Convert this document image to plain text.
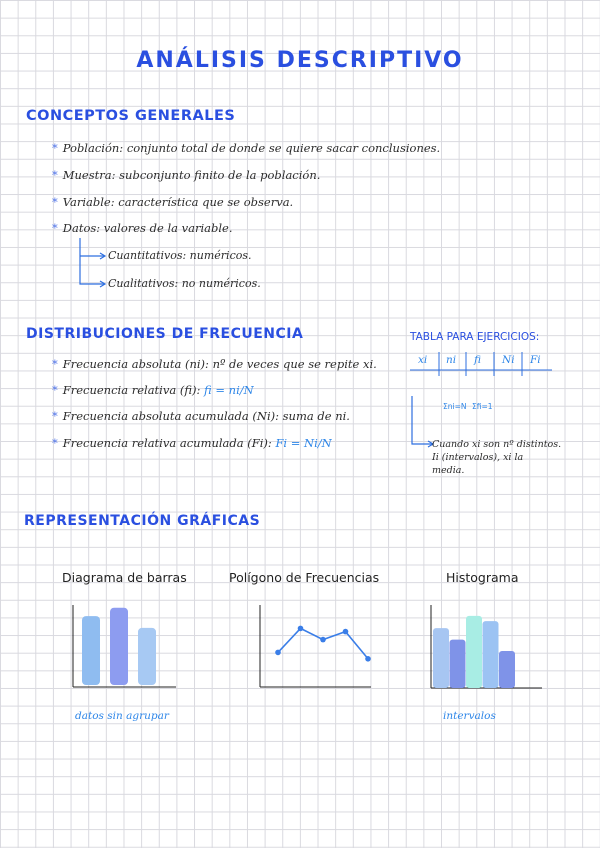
ANÁLISIS DESCRIPTIVO
CONCEPTOS GENERALES
* Población: conjunto total de donde se quiere sacar conclusiones.
* Muestra: subconjunto finito de la población.
* Variable: característica que se observa.
* Datos: valores de la variable.
Cuantitativos: numéricos.
Cualitativos: no numéricos.
DISTRIBUCIONES DE FRECUENCIA
* Frecuencia absoluta (ni): nº de veces que se repite xi.
* Frecuencia relativa (fi): fi = ni/N
* Frecuencia absoluta acumulada (Ni): suma de ni.
* Frecuencia relativa acumulada (Fi): Fi = Ni/N
TABLA PARA EJERCICIOS:
xi ni fi Ni Fi
Σni=N Σfi=1
Cuando xi son nº distintos.
Ii (intervalos), xi la
media.
REPRESENTACIÓN GRÁFICAS
Diagrama de barras	Polígono de Frecuencias	Histograma
datos sin agrupar	intervalos
